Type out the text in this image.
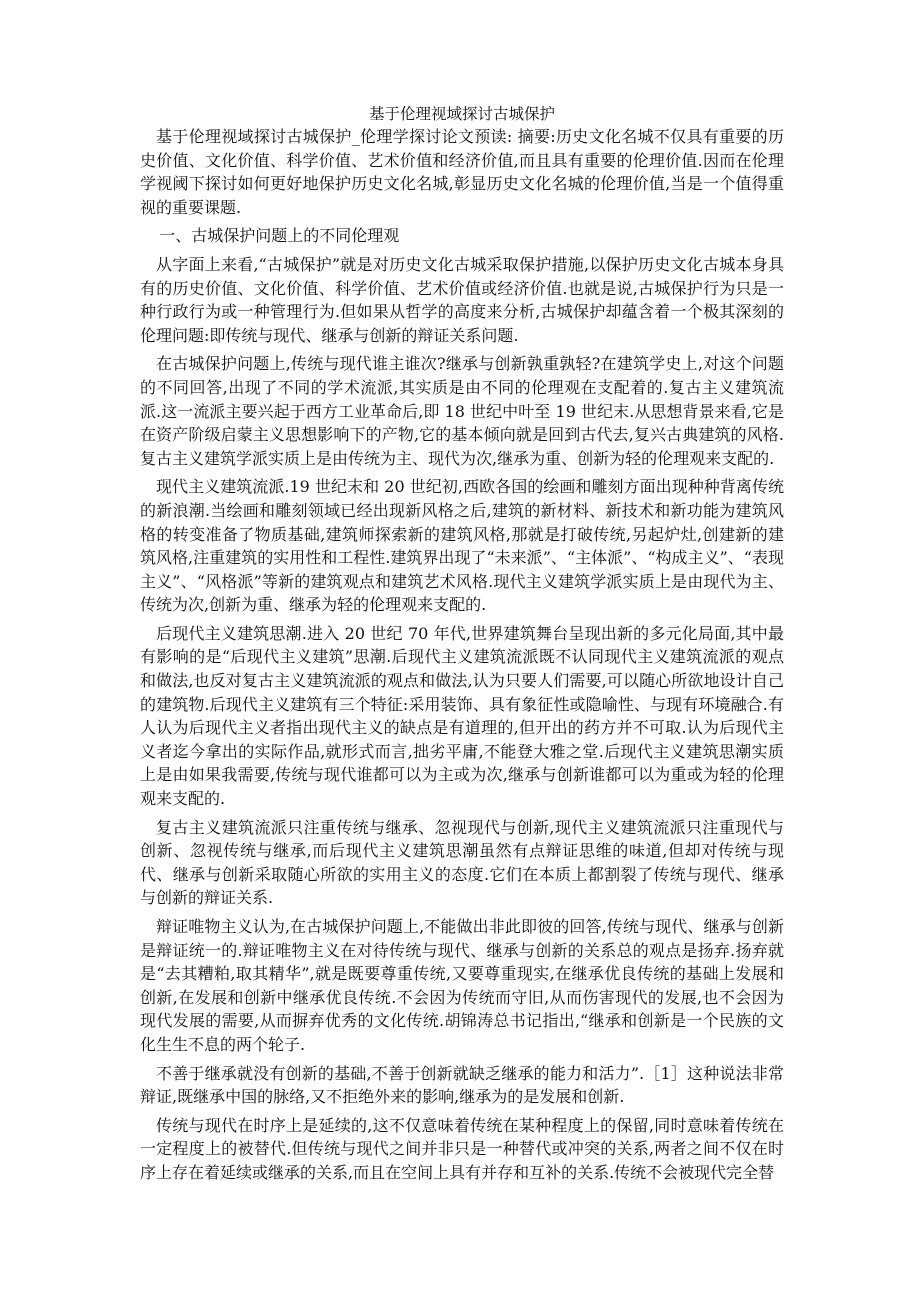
基于伦理视域探讨古城保护

基于伦理视域探讨古城保护_伦理学探讨论文预读: 摘要:历史文化名城不仅具有重要的历史价值、文化价值、科学价值、艺术价值和经济价值,而且具有重要的伦理价值.因而在伦理学视阈下探讨如何更好地保护历史文化名城,彰显历史文化名城的伦理价值,当是一个值得重视的重要课题.

一、古城保护问题上的不同伦理观

从字面上来看,“古城保护”就是对历史文化古城采取保护措施,以保护历史文化古城本身具有的历史价值、文化价值、科学价值、艺术价值或经济价值.也就是说,古城保护行为只是一种行政行为或一种管理行为.但如果从哲学的高度来分析,古城保护却蕴含着一个极其深刻的伦理问题:即传统与现代、继承与创新的辩证关系问题.

在古城保护问题上,传统与现代谁主谁次?继承与创新孰重孰轻?在建筑学史上,对这个问题的不同回答,出现了不同的学术流派,其实质是由不同的伦理观在支配着的.复古主义建筑流派.这一流派主要兴起于西方工业革命后,即 18 世纪中叶至 19 世纪末.从思想背景来看,它是在资产阶级启蒙主义思想影响下的产物,它的基本倾向就是回到古代去,复兴古典建筑的风格.复古主义建筑学派实质上是由传统为主、现代为次,继承为重、创新为轻的伦理观来支配的.

现代主义建筑流派.19 世纪末和 20 世纪初,西欧各国的绘画和雕刻方面出现种种背离传统的新浪潮.当绘画和雕刻领域已经出现新风格之后,建筑的新材料、新技术和新功能为建筑风格的转变准备了物质基础,建筑师探索新的建筑风格,那就是打破传统,另起炉灶,创建新的建筑风格,注重建筑的实用性和工程性.建筑界出现了“未来派”、“主体派”、“构成主义”、“表现主义”、“风格派”等新的建筑观点和建筑艺术风格.现代主义建筑学派实质上是由现代为主、传统为次,创新为重、继承为轻的伦理观来支配的.

后现代主义建筑思潮.进入 20 世纪 70 年代,世界建筑舞台呈现出新的多元化局面,其中最有影响的是“后现代主义建筑”思潮.后现代主义建筑流派既不认同现代主义建筑流派的观点和做法,也反对复古主义建筑流派的观点和做法,认为只要人们需要,可以随心所欲地设计自己的建筑物.后现代主义建筑有三个特征:采用装饰、具有象征性或隐喻性、与现有环境融合.有人认为后现代主义者指出现代主义的缺点是有道理的,但开出的药方并不可取.认为后现代主义者迄今拿出的实际作品,就形式而言,拙劣平庸,不能登大雅之堂.后现代主义建筑思潮实质上是由如果我需要,传统与现代谁都可以为主或为次,继承与创新谁都可以为重或为轻的伦理观来支配的.

复古主义建筑流派只注重传统与继承、忽视现代与创新,现代主义建筑流派只注重现代与创新、忽视传统与继承,而后现代主义建筑思潮虽然有点辩证思维的味道,但却对传统与现代、继承与创新采取随心所欲的实用主义的态度.它们在本质上都割裂了传统与现代、继承与创新的辩证关系.

辩证唯物主义认为,在古城保护问题上,不能做出非此即彼的回答,传统与现代、继承与创新是辩证统一的.辩证唯物主义在对待传统与现代、继承与创新的关系总的观点是扬弃.扬弃就是“去其糟粕,取其精华”,就是既要尊重传统,又要尊重现实,在继承优良传统的基础上发展和创新,在发展和创新中继承优良传统.不会因为传统而守旧,从而伤害现代的发展,也不会因为现代发展的需要,从而摒弃优秀的文化传统.胡锦涛总书记指出,“继承和创新是一个民族的文化生生不息的两个轮子.

不善于继承就没有创新的基础,不善于创新就缺乏继承的能力和活力”.［1］这种说法非常辩证,既继承中国的脉络,又不拒绝外来的影响,继承为的是发展和创新.

传统与现代在时序上是延续的,这不仅意味着传统在某种程度上的保留,同时意味着传统在一定程度上的被替代.但传统与现代之间并非只是一种替代或冲突的关系,两者之间不仅在时序上存在着延续或继承的关系,而且在空间上具有并存和互补的关系.传统不会被现代完全替
